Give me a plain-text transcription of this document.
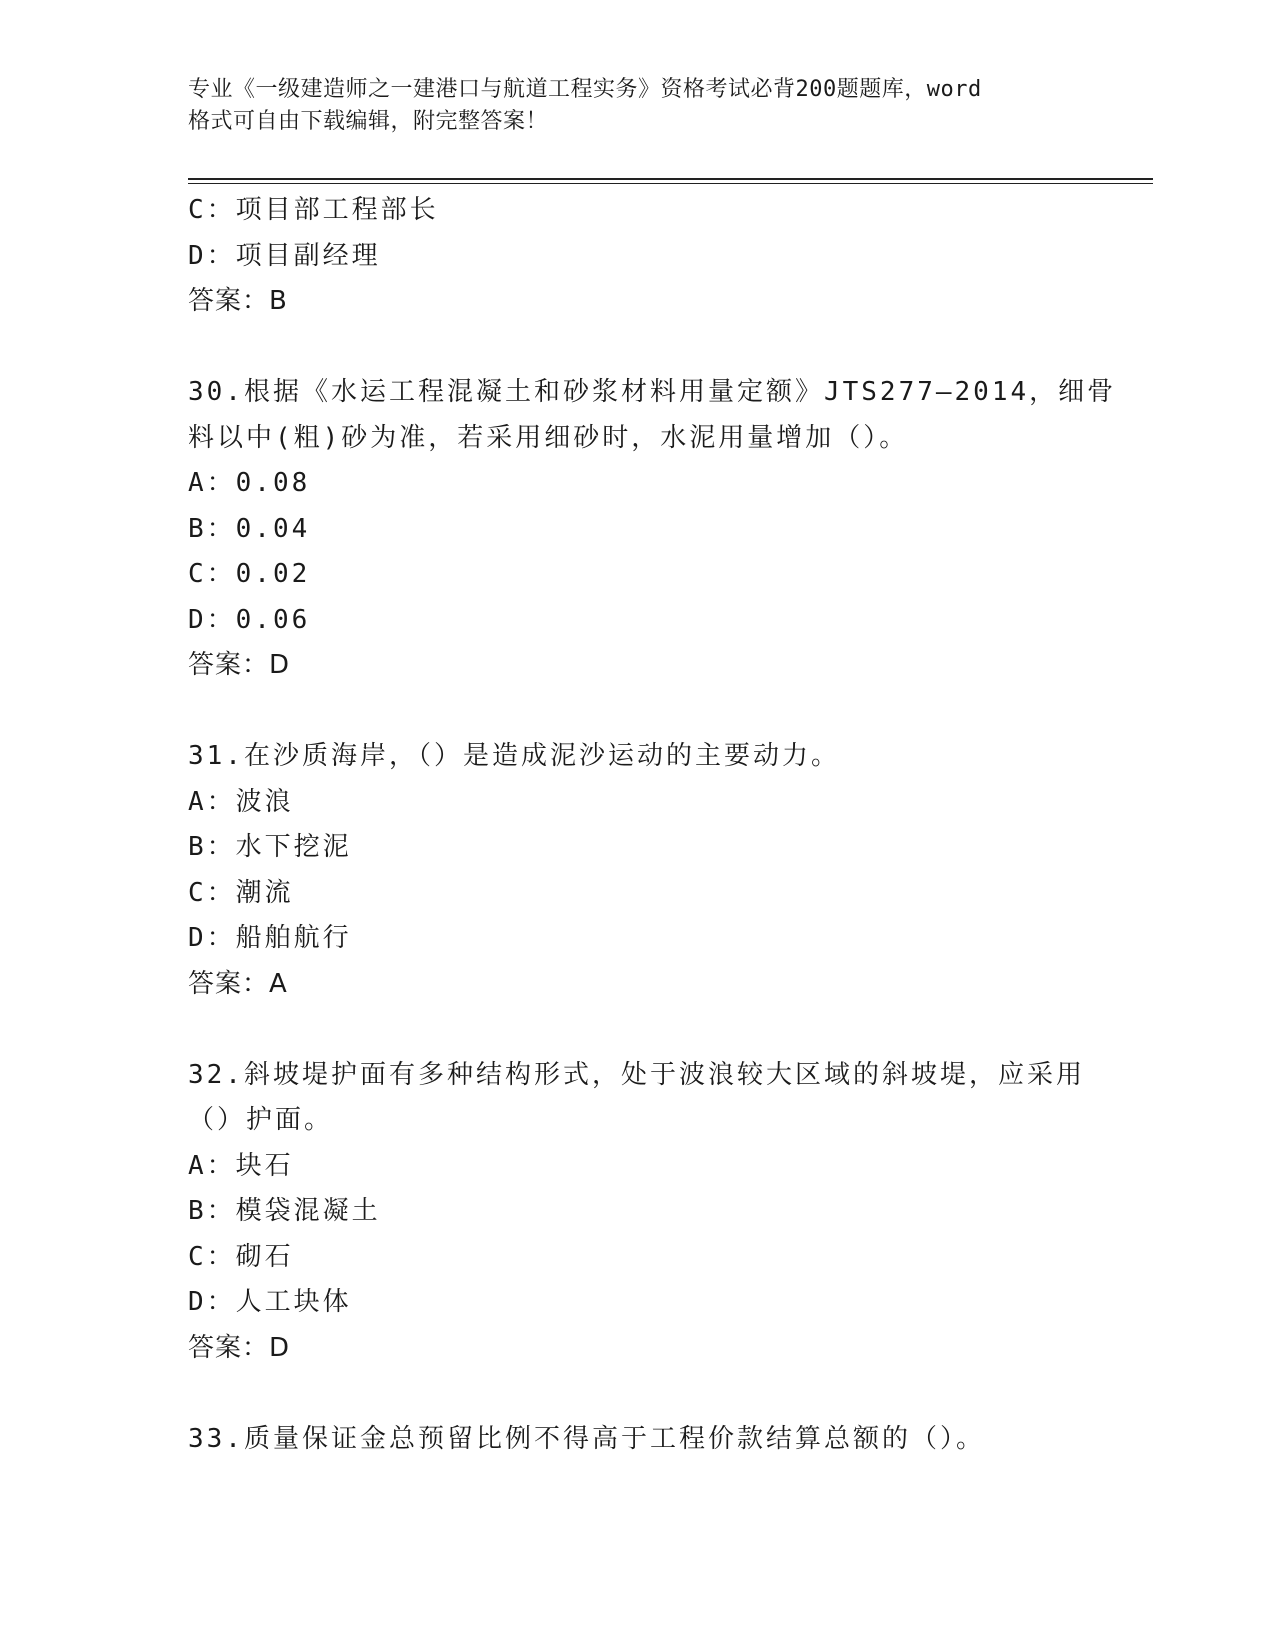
专业《一级建造师之一建港口与航道工程实务》资格考试必背200题题库，word
格式可自由下载编辑，附完整答案！
C：项目部工程部长
D：项目副经理
答案：B
30.根据《水运工程混凝土和砂浆材料用量定额》JTS277—2014，细骨
料以中(粗)砂为准，若采用细砂时，水泥用量增加（）。
A：0.08
B：0.04
C：0.02
D：0.06
答案：D
31.在沙质海岸，（）是造成泥沙运动的主要动力。
A：波浪
B：水下挖泥
C：潮流
D：船舶航行
答案：A
32.斜坡堤护面有多种结构形式，处于波浪较大区域的斜坡堤，应采用
（）护面。
A：块石
B：模袋混凝土
C：砌石
D：人工块体
答案：D
33.质量保证金总预留比例不得高于工程价款结算总额的（）。
